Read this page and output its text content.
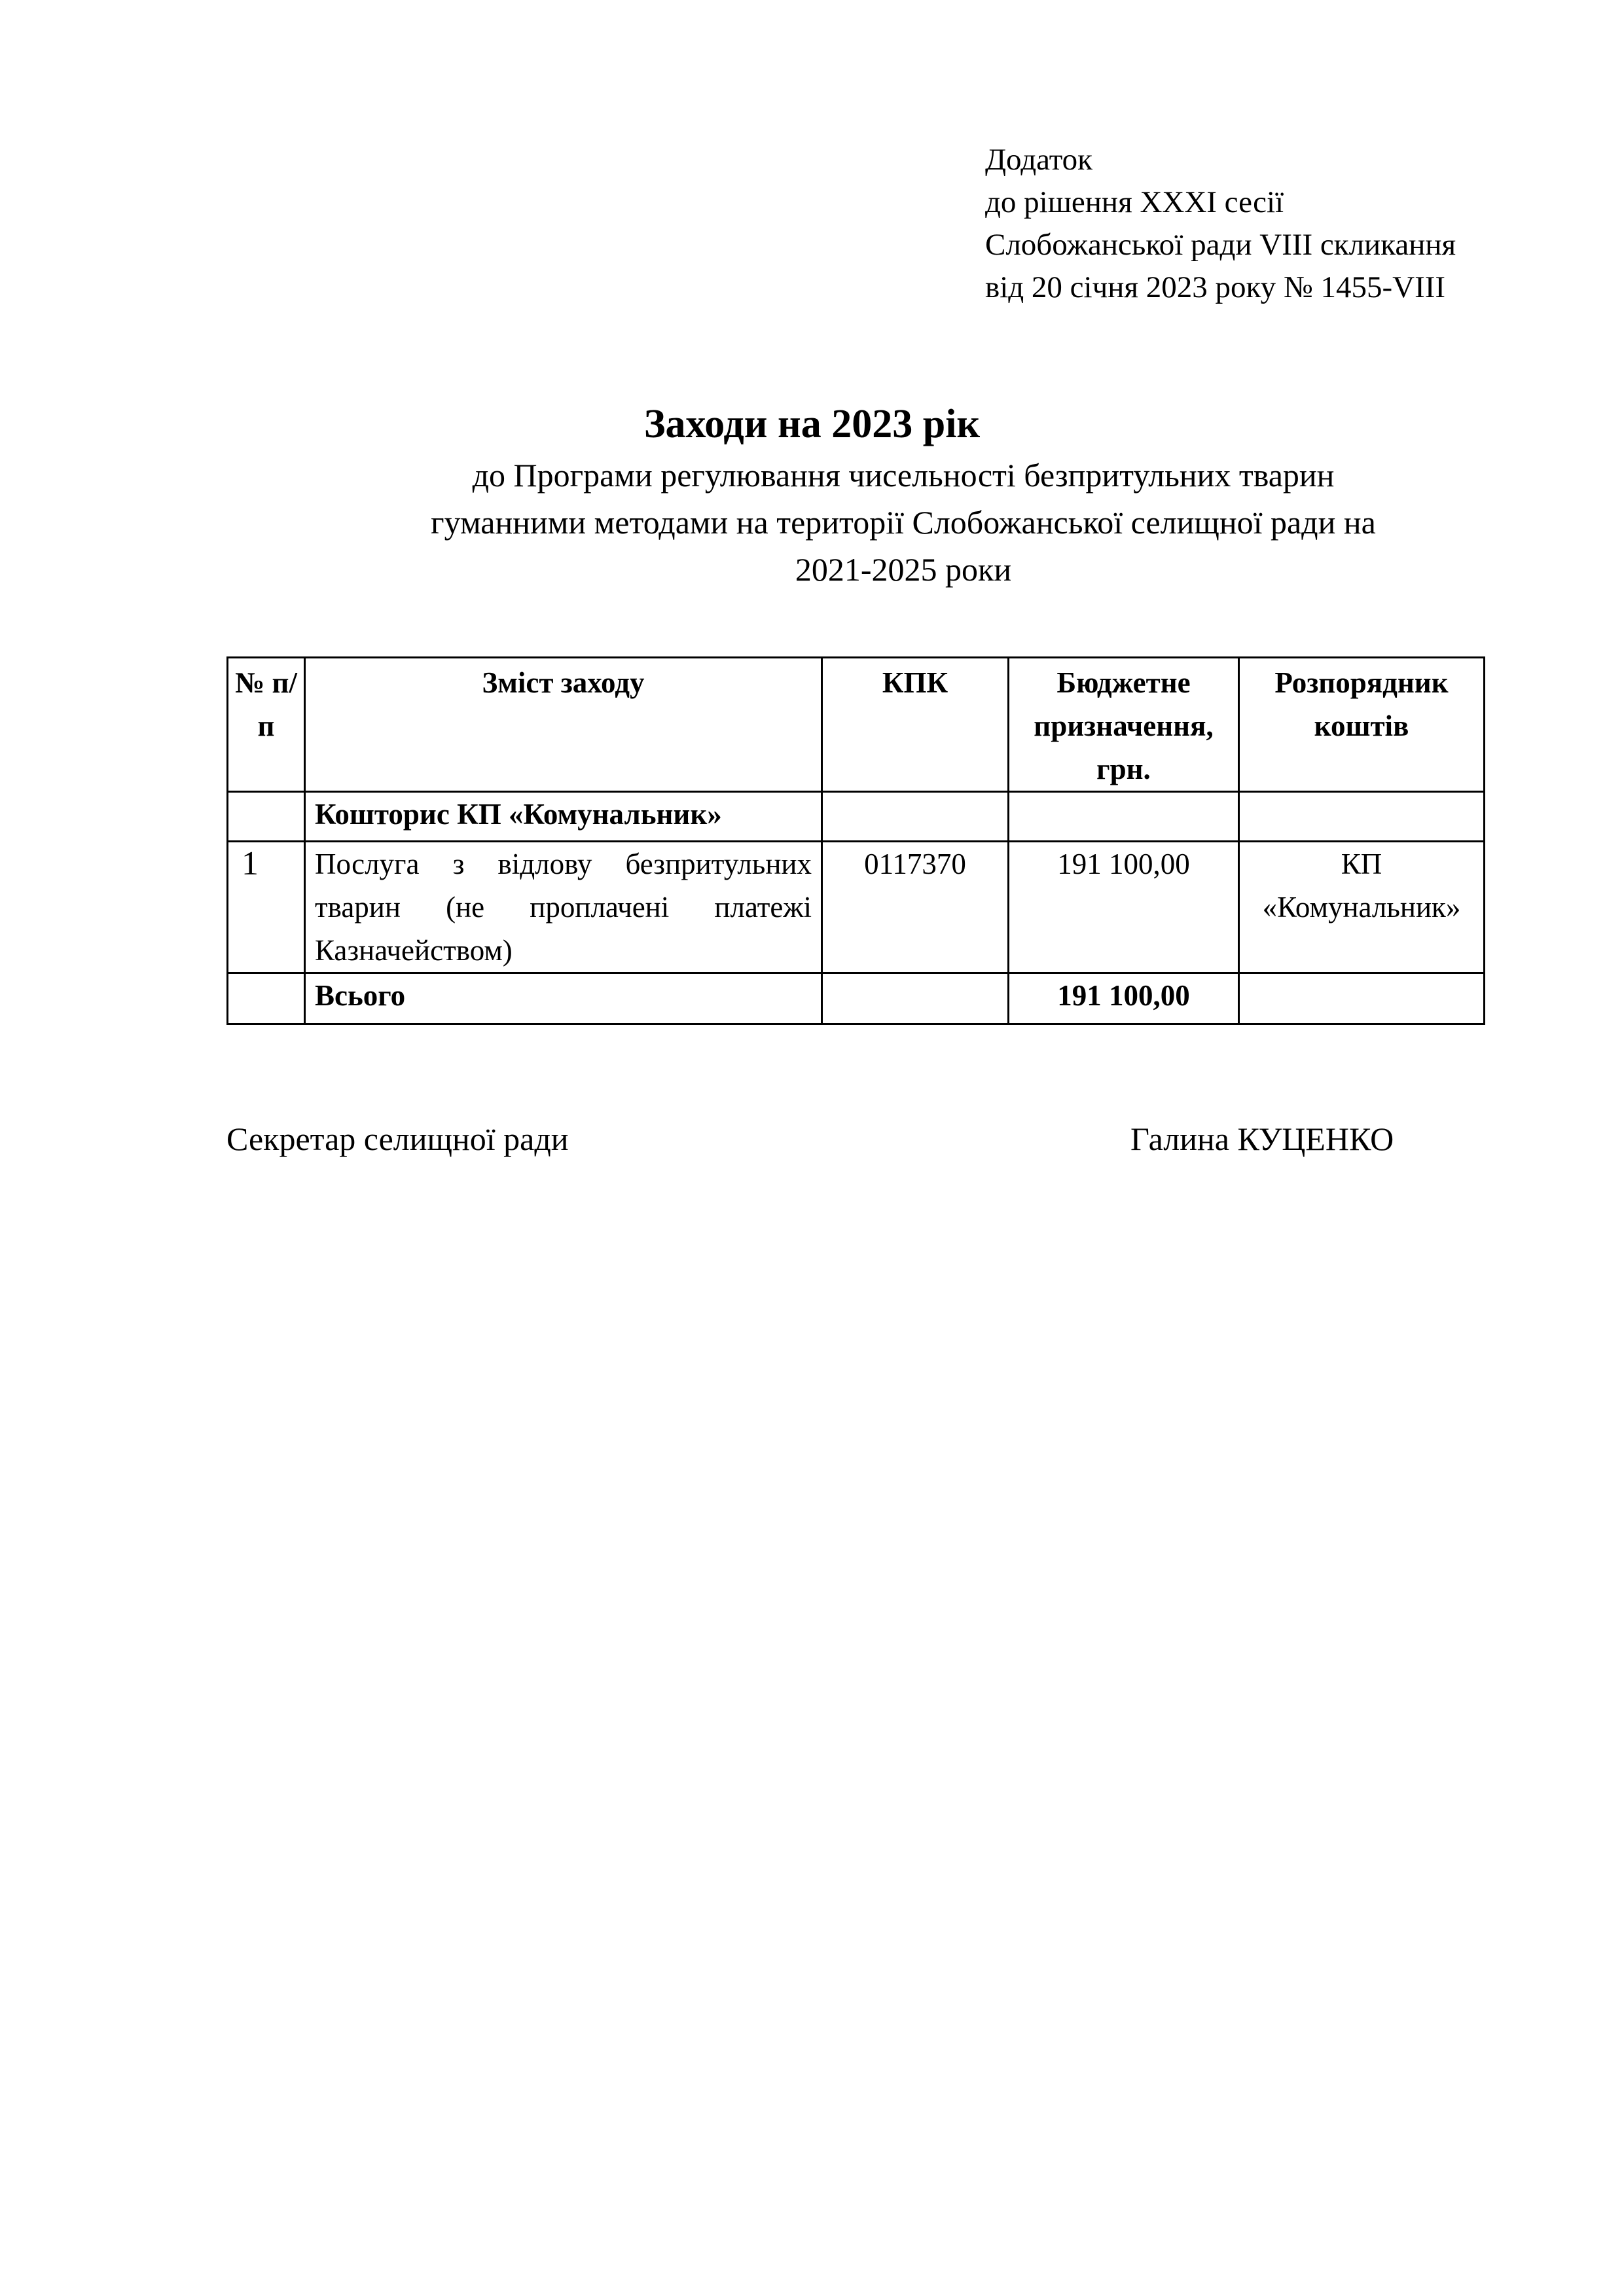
Додаток
до рішення XXXI сесії
Слобожанської ради VIII скликання
від 20 січня 2023 року № 1455-VIII
Заходи на 2023 рік
до Програми регулювання чисельності безпритульних тварин
гуманними методами на території Слобожанської селищної ради на
2021-2025 роки
№ п/п	Зміст заходу	КПК	Бюджетне призначення, грн.	Розпорядник коштів
	Кошторис КП «Комунальник»			
1	Послуга з відлову безпритульних тварин (не проплачені платежі Казначейством)	0117370	191 100,00	КП «Комунальник»
	Всього		191 100,00	
Секретар селищної ради	Галина КУЦЕНКО
